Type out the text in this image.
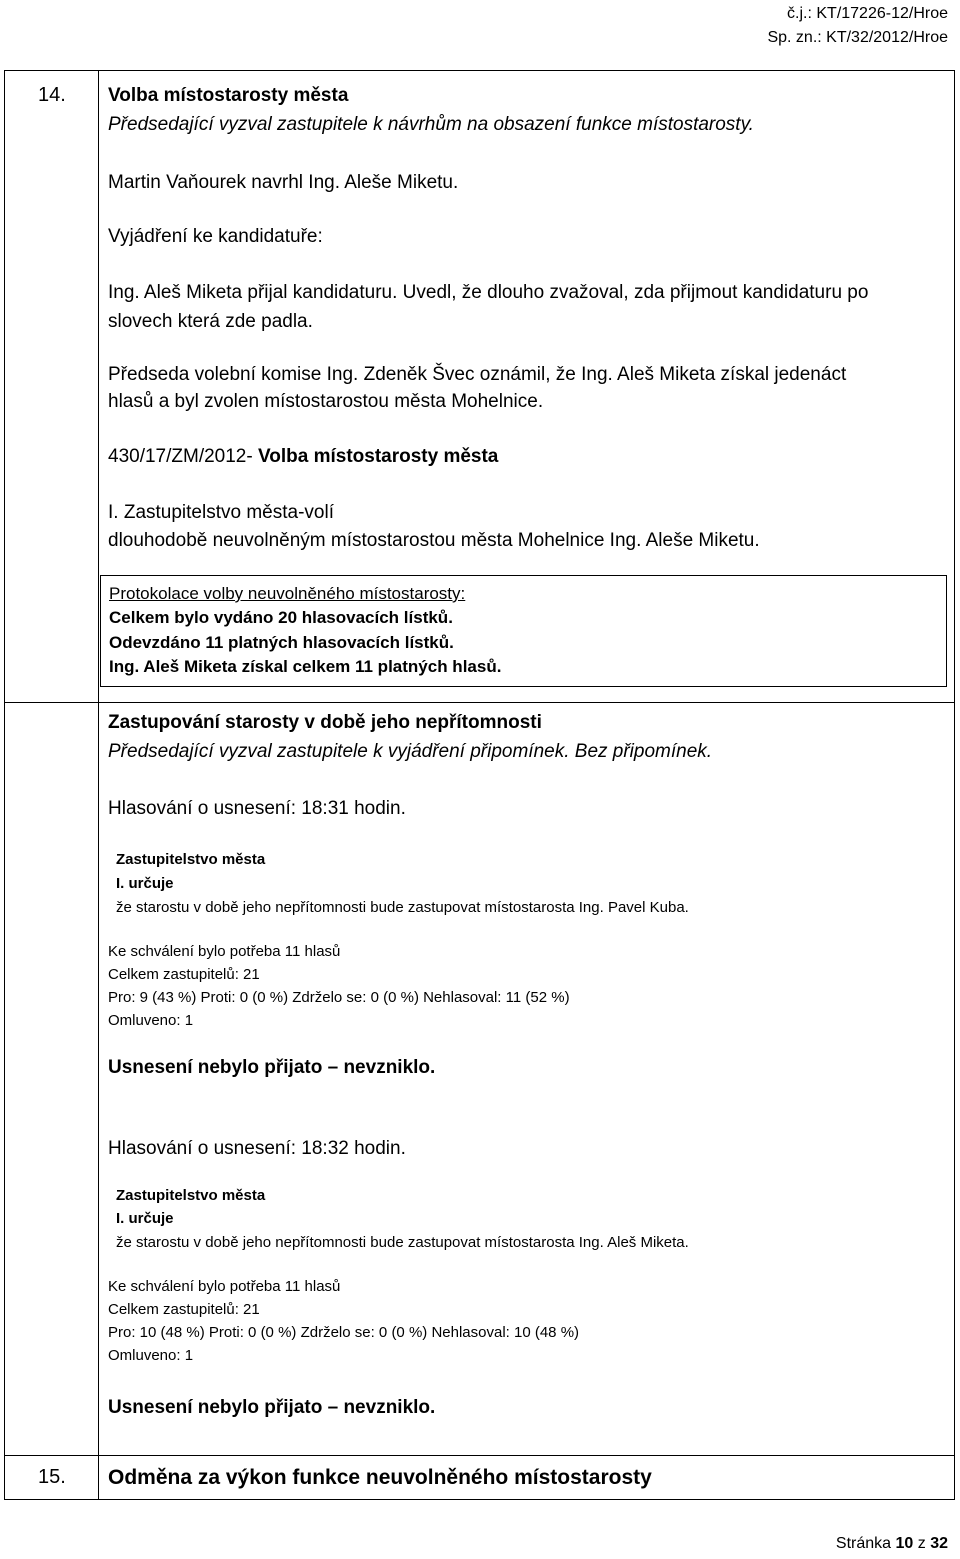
č.j.: KT/17226-12/Hroe
Sp. zn.: KT/32/2012/Hroe
14. Volba místostarosty města
Předsedající vyzval zastupitele k návrhům na obsazení funkce místostarosty.
Martin Vaňourek navrhl Ing. Aleše Miketu.
Vyjádření ke kandidatuře:
Ing. Aleš Miketa přijal kandidaturu. Uvedl, že dlouho zvažoval, zda přijmout kandidaturu po
slovech která zde padla.
Předseda volební komise Ing. Zdeněk Švec oznámil, že Ing. Aleš Miketa získal jedenáct
hlasů a byl zvolen místostarostou města Mohelnice.
430/17/ZM/2012- Volba místostarosty města
I. Zastupitelstvo města-volí
dlouhodobě neuvolněným místostarostou města Mohelnice Ing. Aleše Miketu.
Protokolace volby neuvolněného místostarosty:
Celkem bylo vydáno 20 hlasovacích lístků.
Odevzdáno 11 platných hlasovacích lístků.
Ing. Aleš Miketa získal celkem 11 platných hlasů.
Zastupování starosty v době jeho nepřítomnosti
Předsedající vyzval zastupitele k vyjádření připomínek. Bez připomínek.
Hlasování o usnesení: 18:31 hodin.
Zastupitelstvo města
I. určuje
že starostu v době jeho nepřítomnosti bude zastupovat místostarosta Ing. Pavel Kuba.
Ke schválení bylo potřeba 11 hlasů
Celkem zastupitelů: 21
Pro: 9 (43 %) Proti: 0 (0 %) Zdrželo se: 0 (0 %) Nehlasoval: 11 (52 %)
Omluveno: 1
Usnesení nebylo přijato – nevzniklo.
Hlasování o usnesení: 18:32 hodin.
Zastupitelstvo města
I. určuje
že starostu v době jeho nepřítomnosti bude zastupovat místostarosta Ing. Aleš Miketa.
Ke schválení bylo potřeba 11 hlasů
Celkem zastupitelů: 21
Pro: 10 (48 %) Proti: 0 (0 %) Zdrželo se: 0 (0 %) Nehlasoval: 10 (48 %)
Omluveno: 1
Usnesení nebylo přijato – nevzniklo.
15. Odměna za výkon funkce neuvolněného místostarosty
Stránka 10 z 32
